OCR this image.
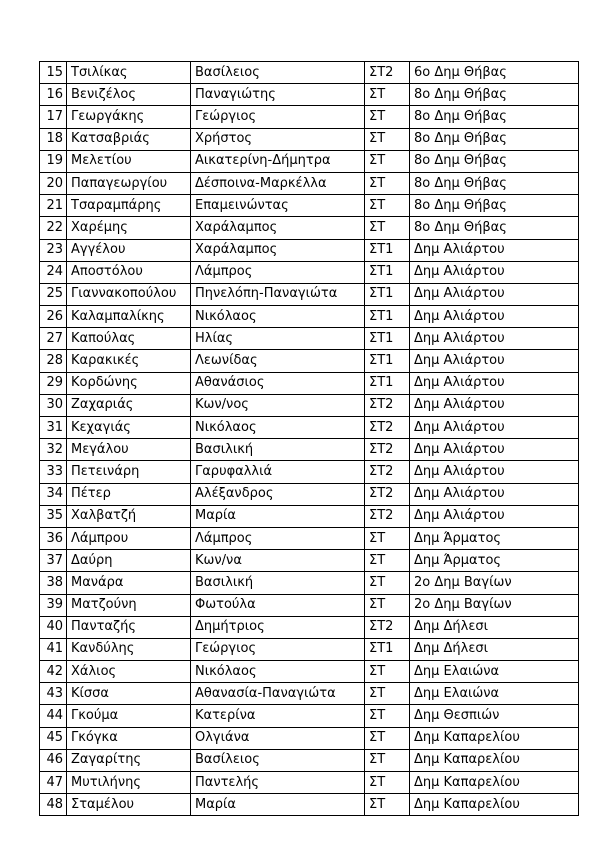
15	Τσιλίκας	Βασίλειος	ΣΤ2	6ο Δημ Θήβας
16	Βενιζέλος	Παναγιώτης	ΣΤ	8ο Δημ Θήβας
17	Γεωργάκης	Γεώργιος	ΣΤ	8ο Δημ Θήβας
18	Κατσαβριάς	Χρήστος	ΣΤ	8ο Δημ Θήβας
19	Μελετίου	Αικατερίνη-Δήμητρα	ΣΤ	8ο Δημ Θήβας
20	Παπαγεωργίου	Δέσποινα-Μαρκέλλα	ΣΤ	8ο Δημ Θήβας
21	Τσαραμπάρης	Επαμεινώντας	ΣΤ	8ο Δημ Θήβας
22	Χαρέμης	Χαράλαμπος	ΣΤ	8ο Δημ Θήβας
23	Αγγέλου	Χαράλαμπος	ΣΤ1	Δημ Αλιάρτου
24	Αποστόλου	Λάμπρος	ΣΤ1	Δημ Αλιάρτου
25	Γιαννακοπούλου	Πηνελόπη-Παναγιώτα	ΣΤ1	Δημ Αλιάρτου
26	Καλαμπαλίκης	Νικόλαος	ΣΤ1	Δημ Αλιάρτου
27	Καπούλας	Ηλίας	ΣΤ1	Δημ Αλιάρτου
28	Καρακικές	Λεωνίδας	ΣΤ1	Δημ Αλιάρτου
29	Κορδώνης	Αθανάσιος	ΣΤ1	Δημ Αλιάρτου
30	Ζαχαριάς	Κων/νος	ΣΤ2	Δημ Αλιάρτου
31	Κεχαγιάς	Νικόλαος	ΣΤ2	Δημ Αλιάρτου
32	Μεγάλου	Βασιλική	ΣΤ2	Δημ Αλιάρτου
33	Πετεινάρη	Γαρυφαλλιά	ΣΤ2	Δημ Αλιάρτου
34	Πέτερ	Αλέξανδρος	ΣΤ2	Δημ Αλιάρτου
35	Χαλβατζή	Μαρία	ΣΤ2	Δημ Αλιάρτου
36	Λάμπρου	Λάμπρος	ΣΤ	Δημ Άρματος
37	Δαύρη	Κων/να	ΣΤ	Δημ Άρματος
38	Μανάρα	Βασιλική	ΣΤ	2ο Δημ Βαγίων
39	Ματζούνη	Φωτούλα	ΣΤ	2ο Δημ Βαγίων
40	Πανταζής	Δημήτριος	ΣΤ2	Δημ Δήλεσι
41	Κανδύλης	Γεώργιος	ΣΤ1	Δημ Δήλεσι
42	Χάλιος	Νικόλαος	ΣΤ	Δημ Ελαιώνα
43	Κίσσα	Αθανασία-Παναγιώτα	ΣΤ	Δημ Ελαιώνα
44	Γκούμα	Κατερίνα	ΣΤ	Δημ Θεσπιών
45	Γκόγκα	Ολγιάνα	ΣΤ	Δημ Καπαρελίου
46	Ζαγαρίτης	Βασίλειος	ΣΤ	Δημ Καπαρελίου
47	Μυτιλήνης	Παντελής	ΣΤ	Δημ Καπαρελίου
48	Σταμέλου	Μαρία	ΣΤ	Δημ Καπαρελίου
